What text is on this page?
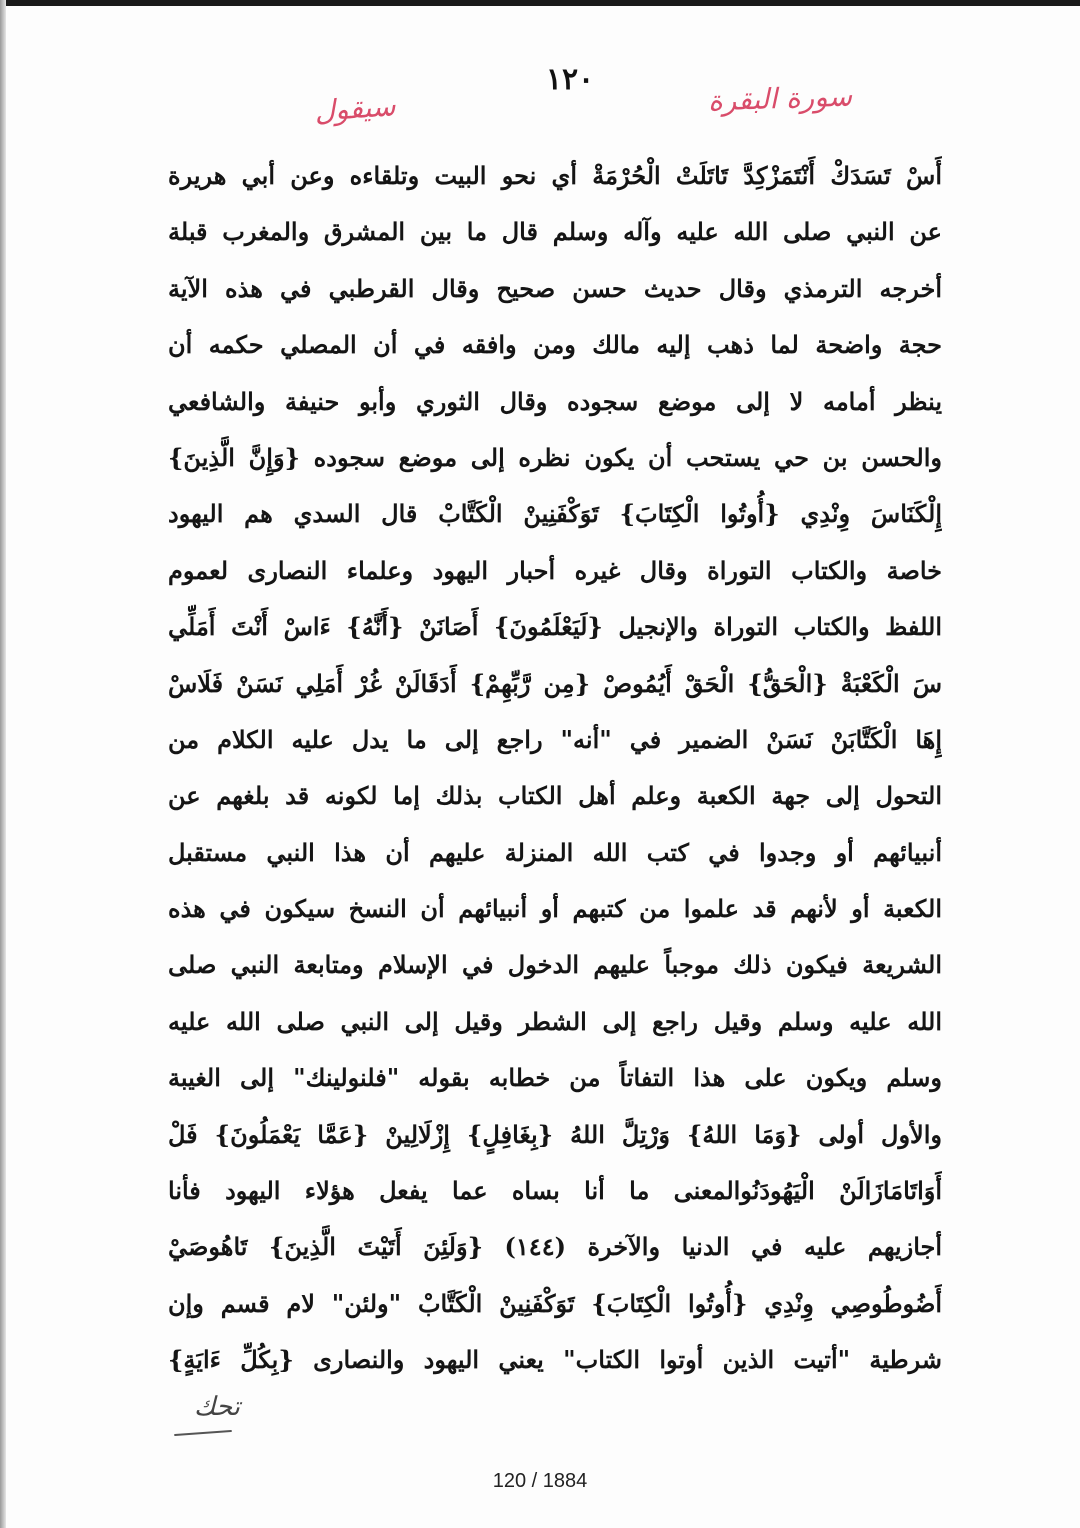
١٢٠	سورة البقرة
سيقول
أَسْ تَسَدَكْ أَنْتَمَزْكِدَّ تَاتَلَتْ الْحُرْمَةْ أي نحو البيت وتلقاءه وعن أبي هريرة
عن النبي صلى الله عليه وآله وسلم قال ما بين المشرق والمغرب قبلة
أخرجه الترمذي وقال حديث حسن صحيح وقال القرطبي في هذه الآية
حجة واضحة لما ذهب إليه مالك ومن وافقه في أن المصلي حكمه أن
ينظر أمامه لا إلى موضع سجوده وقال الثوري وأبو حنيفة والشافعي
والحسن بن حي يستحب أن يكون نظره إلى موضع سجوده {وَإِنَّ الَّذِينَ}
إِلْكَنَاسَ وِنْدِي {أُوتُوا الْكِتَابَ} تَوَكْفَنِينْ الْكَتَّابْ قال السدي هم اليهود
خاصة والكتاب التوراة وقال غيره أحبار اليهود وعلماء النصارى لعموم
اللفظ والكتاب التوراة والإنجيل {لَيَعْلَمُونَ} أَصَانَنْ {أَنَّهُ} ءَاسْ أَنْتَ أَمَلِّي
سَ الْكَعْبَةْ {الْحَقُّ} الْحَقْ أَيُمُوصْ {مِن رَّبِّهِمْ} أَدَقَالَنْ غُرْ أَمَلِي نَسَنْ فَلَاسْ
إِهَا الْكَتَّابَنْ نَسَنْ الضمير في "أنه" راجع إلى ما يدل عليه الكلام من
التحول إلى جهة الكعبة وعلم أهل الكتاب بذلك إما لكونه قد بلغهم عن
أنبيائهم أو وجدوا في كتب الله المنزلة عليهم أن هذا النبي مستقبل
الكعبة أو لأنهم قد علموا من كتبهم أو أنبيائهم أن النسخ سيكون في هذه
الشريعة فيكون ذلك موجباً عليهم الدخول في الإسلام ومتابعة النبي صلى
الله عليه وسلم وقيل راجع إلى الشطر وقيل إلى النبي صلى الله عليه
وسلم ويكون على هذا التفاتاً من خطابه بقوله "فلنولينك" إلى الغيبة
والأول أولى {وَمَا اللهُ} وَرْتِلَّ اللهُ {بِغَافِلٍ} إِزْلَالِينْ {عَمَّا يَعْمَلُونَ} فَلْ
أَوَاتَامَازَالَنْ الْيَهُودَنُوالمعنى ما أنا بساه عما يفعل هؤلاء اليهود فأنا
أجازيهم عليه في الدنيا والآخرة (١٤٤) {وَلَئِنَ أَتَيْتَ الَّذِينَ} تَاهُوصَيْ
أَضُوطُوصِي وِنْدِي {أُوتُوا الْكِتَابَ} تَوَكْفَنِينْ الْكَتَّابْ "ولئن" لام قسم وإن
شرطية "أتيت الذين أوتوا الكتاب" يعني اليهود والنصارى {بِكُلِّ ءَايَةٍ}
تحك
120 / 1884
